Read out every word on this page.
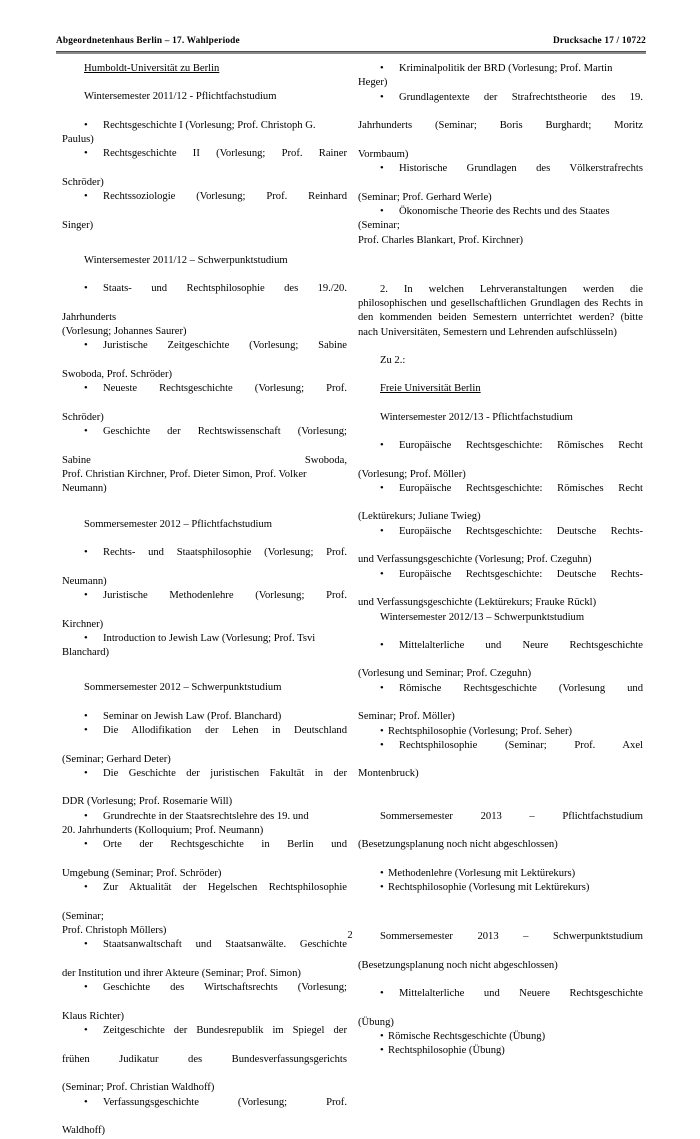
Abgeordnetenhaus Berlin – 17. Wahlperiode	Drucksache 17 / 10722

Humboldt-Universität zu Berlin

Wintersemester 2011/12 - Pflichtfachstudium

• Rechtsgeschichte I (Vorlesung; Prof. Christoph G.

Paulus)

• Rechtsgeschichte II (Vorlesung; Prof. Rainer

Schröder)

• Rechtssoziologie (Vorlesung; Prof. Reinhard

Singer)

Wintersemester 2011/12 – Schwerpunktstudium

• Staats- und Rechtsphilosophie des 19./20.

Jahrhunderts

(Vorlesung; Johannes Saurer)

• Juristische Zeitgeschichte (Vorlesung; Sabine

Swoboda, Prof. Schröder)

• Neueste Rechtsgeschichte (Vorlesung; Prof.

Schröder)

• Geschichte der Rechtswissenschaft (Vorlesung;

Sabine	Swoboda,

Prof. Christian Kirchner, Prof. Dieter Simon, Prof. Volker

Neumann)

Sommersemester 2012 – Pflichtfachstudium

• Rechts- und Staatsphilosophie (Vorlesung; Prof.

Neumann)

• Juristische Methodenlehre (Vorlesung; Prof.

Kirchner)

• Introduction to Jewish Law (Vorlesung; Prof. Tsvi

Blanchard)

Sommersemester 2012 – Schwerpunktstudium

• Seminar on Jewish Law (Prof. Blanchard)

• Die Allodifikation der Lehen in Deutschland

(Seminar; Gerhard Deter)

• Die Geschichte der juristischen Fakultät in der

DDR (Vorlesung; Prof. Rosemarie Will)

• Grundrechte in der Staatsrechtslehre des 19. und

20. Jahrhunderts (Kolloquium; Prof. Neumann)

• Orte der Rechtsgeschichte in Berlin und

Umgebung (Seminar; Prof. Schröder)

• Zur Aktualität der Hegelschen Rechtsphilosophie

(Seminar;

Prof. Christoph Möllers)

• Staatsanwaltschaft und Staatsanwälte. Geschichte

der Institution und ihrer Akteure (Seminar; Prof. Simon)

• Geschichte des Wirtschaftsrechts (Vorlesung;

Klaus Richter)

• Zeitgeschichte der Bundesrepublik im Spiegel der

frühen Judikatur des Bundesverfassungsgerichts

(Seminar; Prof. Christian Waldhoff)

• Verfassungsgeschichte (Vorlesung; Prof.

Waldhoff)

• Kriminalpolitik der BRD (Vorlesung; Prof. Martin

Heger)

• Grundlagentexte der Strafrechtstheorie des 19.

Jahrhunderts (Seminar; Boris Burghardt; Moritz

Vormbaum)

• Historische Grundlagen des Völkerstrafrechts

(Seminar; Prof. Gerhard Werle)

• Ökonomische Theorie des Rechts und des Staates

(Seminar;

Prof. Charles Blankart, Prof. Kirchner)

2. In welchen Lehrveranstaltungen werden die philosophischen und gesellschaftlichen Grundlagen des Rechts in den kommenden beiden Semestern unterrichtet werden? (bitte nach Universitäten, Semestern und Lehrenden aufschlüsseln)

Zu 2.:

Freie Universität Berlin

Wintersemester 2012/13 - Pflichtfachstudium

• Europäische Rechtsgeschichte: Römisches Recht

(Vorlesung; Prof. Möller)

• Europäische Rechtsgeschichte: Römisches Recht

(Lektürekurs; Juliane Twieg)

• Europäische Rechtsgeschichte: Deutsche Rechts-

und Verfassungsgeschichte (Vorlesung; Prof. Czeguhn)

• Europäische Rechtsgeschichte: Deutsche Rechts-

und Verfassungsgeschichte (Lektürekurs; Frauke Rückl)

Wintersemester 2012/13 – Schwerpunktstudium

• Mittelalterliche und Neure Rechtsgeschichte

(Vorlesung und Seminar; Prof. Czeguhn)

• Römische Rechtsgeschichte (Vorlesung und

Seminar; Prof. Möller)

• Rechtsphilosophie (Vorlesung; Prof. Seher)

• Rechtsphilosophie (Seminar; Prof. Axel

Montenbruck)

Sommersemester 2013 – Pflichtfachstudium

(Besetzungsplanung noch nicht abgeschlossen)

• Methodenlehre (Vorlesung mit Lektürekurs)

• Rechtsphilosophie (Vorlesung mit Lektürekurs)

Sommersemester 2013 – Schwerpunktstudium

(Besetzungsplanung noch nicht abgeschlossen)

• Mittelalterliche und Neuere Rechtsgeschichte

(Übung)

• Römische Rechtsgeschichte (Übung)

• Rechtsphilosophie (Übung)

2
